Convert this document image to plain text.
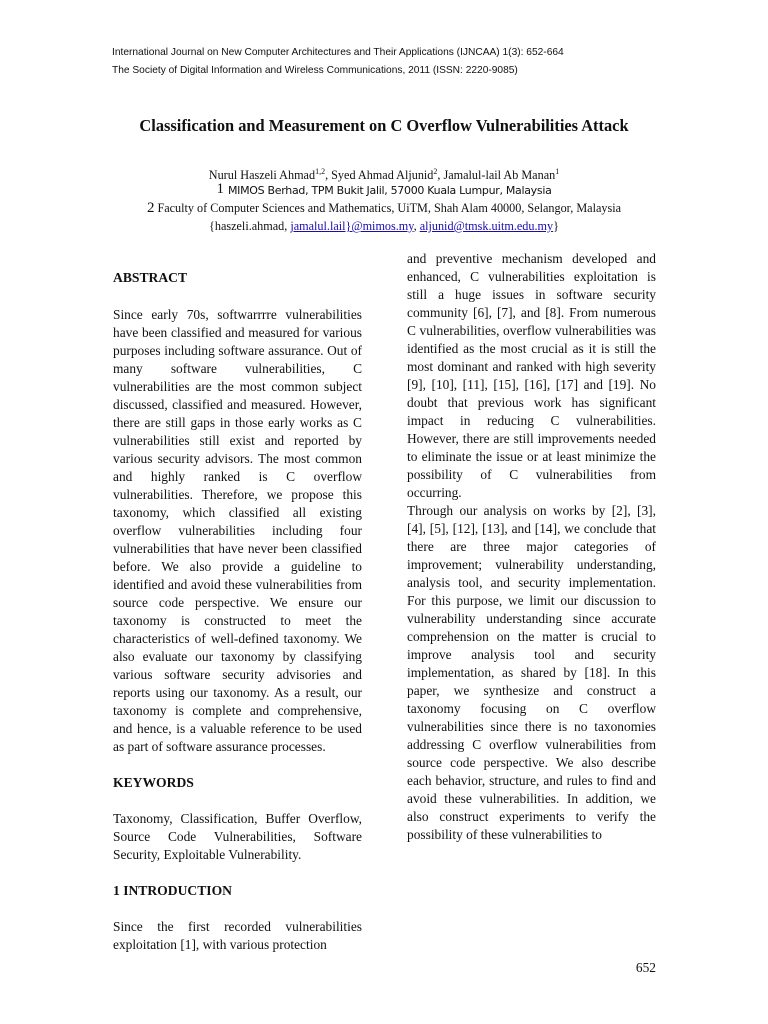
International Journal on New Computer Architectures and Their Applications (IJNCAA) 1(3): 652-664
The Society of Digital Information and Wireless Communications, 2011 (ISSN: 2220-9085)
Classification and Measurement on C Overflow Vulnerabilities Attack
Nurul Haszeli Ahmad$^{1,2}$, Syed Ahmad Aljunid$^2$, Jamalul-lail Ab Manan$^1$
1 MIMOS Berhad, TPM Bukit Jalil, 57000 Kuala Lumpur, Malaysia
2 Faculty of Computer Sciences and Mathematics, UiTM, Shah Alam 40000, Selangor, Malaysia
{haszeli.ahmad, jamalul.lail}@mimos.my, aljunid@tmsk.uitm.edu.my}
ABSTRACT

Since early 70s, softwarrrre vulnerabilities have been classified and measured for various purposes including software assurance. Out of many software vulnerabilities, C vulnerabilities are the most common subject discussed, classified and measured. However, there are still gaps in those early works as C vulnerabilities still exist and reported by various security advisors. The most common and highly ranked is C overflow vulnerabilities. Therefore, we propose this taxonomy, which classified all existing overflow vulnerabilities including four vulnerabilities that have never been classified before. We also provide a guideline to identified and avoid these vulnerabilities from source code perspective. We ensure our taxonomy is constructed to meet the characteristics of well-defined taxonomy. We also evaluate our taxonomy by classifying various software security advisories and reports using our taxonomy. As a result, our taxonomy is complete and comprehensive, and hence, is a valuable reference to be used as part of software assurance processes.

KEYWORDS

Taxonomy, Classification, Buffer Overflow, Source Code Vulnerabilities, Software Security, Exploitable Vulnerability.

1 INTRODUCTION

Since the first recorded vulnerabilities exploitation [1], with various protection

and preventive mechanism developed and enhanced, C vulnerabilities exploitation is still a huge issues in software security community [6], [7], and [8]. From numerous C vulnerabilities, overflow vulnerabilities was identified as the most crucial as it is still the most dominant and ranked with high severity [9], [10], [11], [15], [16], [17] and [19]. No doubt that previous work has significant impact in reducing C vulnerabilities. However, there are still improvements needed to eliminate the issue or at least minimize the possibility of C vulnerabilities from occurring.

Through our analysis on works by [2], [3], [4], [5], [12], [13], and [14], we conclude that there are three major categories of improvement; vulnerability understanding, analysis tool, and security implementation. For this purpose, we limit our discussion to vulnerability understanding since accurate comprehension on the matter is crucial to improve analysis tool and security implementation, as shared by [18]. In this paper, we synthesize and construct a taxonomy focusing on C overflow vulnerabilities since there is no taxonomies addressing C overflow vulnerabilities from source code perspective. We also describe each behavior, structure, and rules to find and avoid these vulnerabilities. In addition, we also construct experiments to verify the possibility of these vulnerabilities to

652
